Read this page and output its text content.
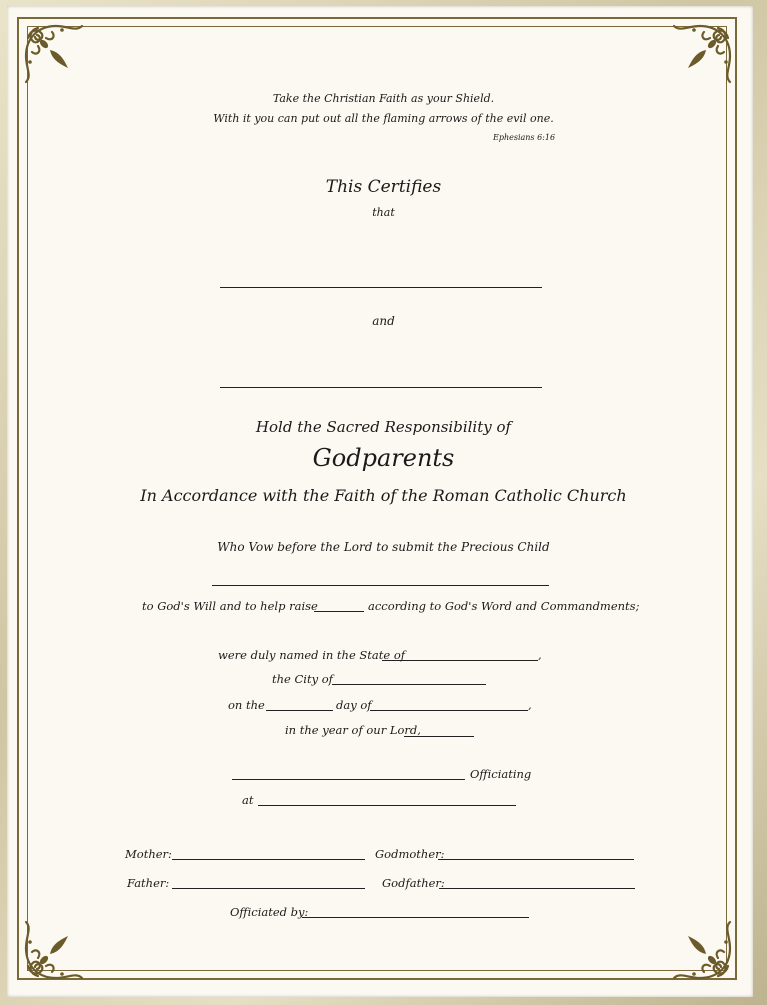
Take the Christian Faith as your Shield.
With it you can put out all the flaming arrows of the evil one.
Ephesians 6:16
This Certifies
that
and
Hold the Sacred Responsibility of
Godparents
In Accordance with the Faith of the Roman Catholic Church
Who Vow before the Lord to submit the Precious Child
to God's Will and to help raise	according to God's Word and Commandments;
were duly named in the State of	,
the City of
on the	day of	,
in the year of our Lord,
Officiating
at
Mother:	Godmother:
Father:	Godfather:
Officiated by:
